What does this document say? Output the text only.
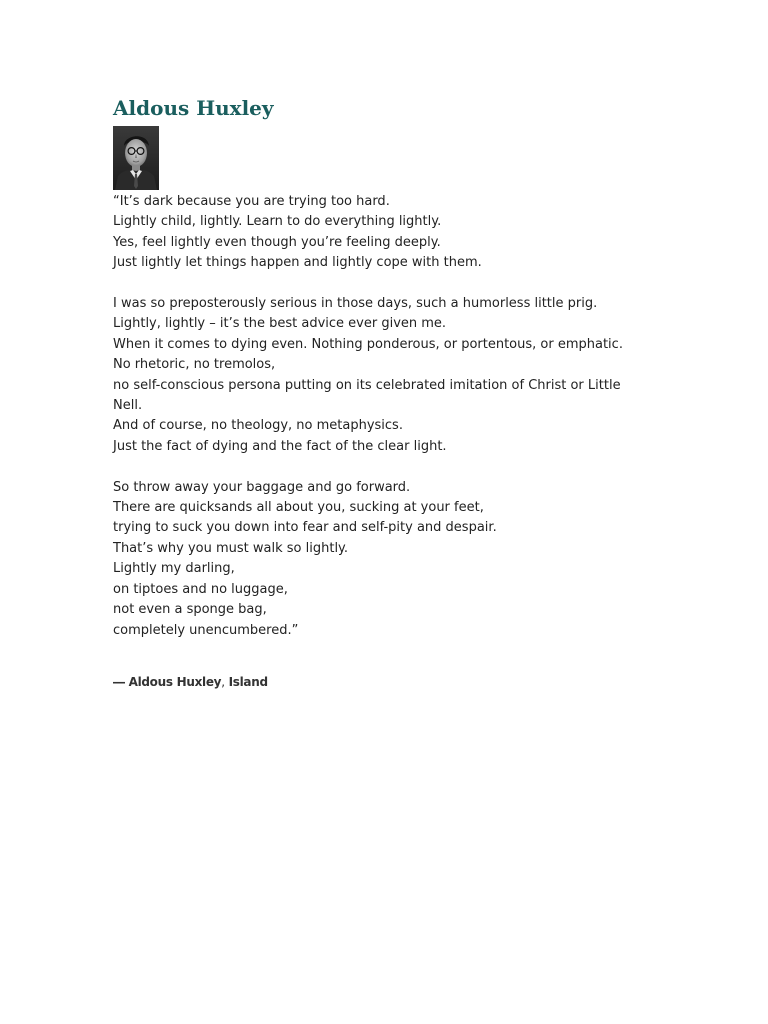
Aldous Huxley
“It’s dark because you are trying too hard.
Lightly child, lightly. Learn to do everything lightly.
Yes, feel lightly even though you’re feeling deeply.
Just lightly let things happen and lightly cope with them.
I was so preposterously serious in those days, such a humorless little prig.
Lightly, lightly – it’s the best advice ever given me.
When it comes to dying even. Nothing ponderous, or portentous, or emphatic.
No rhetoric, no tremolos,
no self-conscious persona putting on its celebrated imitation of Christ or Little
Nell.
And of course, no theology, no metaphysics.
Just the fact of dying and the fact of the clear light.
So throw away your baggage and go forward.
There are quicksands all about you, sucking at your feet,
trying to suck you down into fear and self-pity and despair.
That’s why you must walk so lightly.
Lightly my darling,
on tiptoes and no luggage,
not even a sponge bag,
completely unencumbered.”
― Aldous Huxley, Island
